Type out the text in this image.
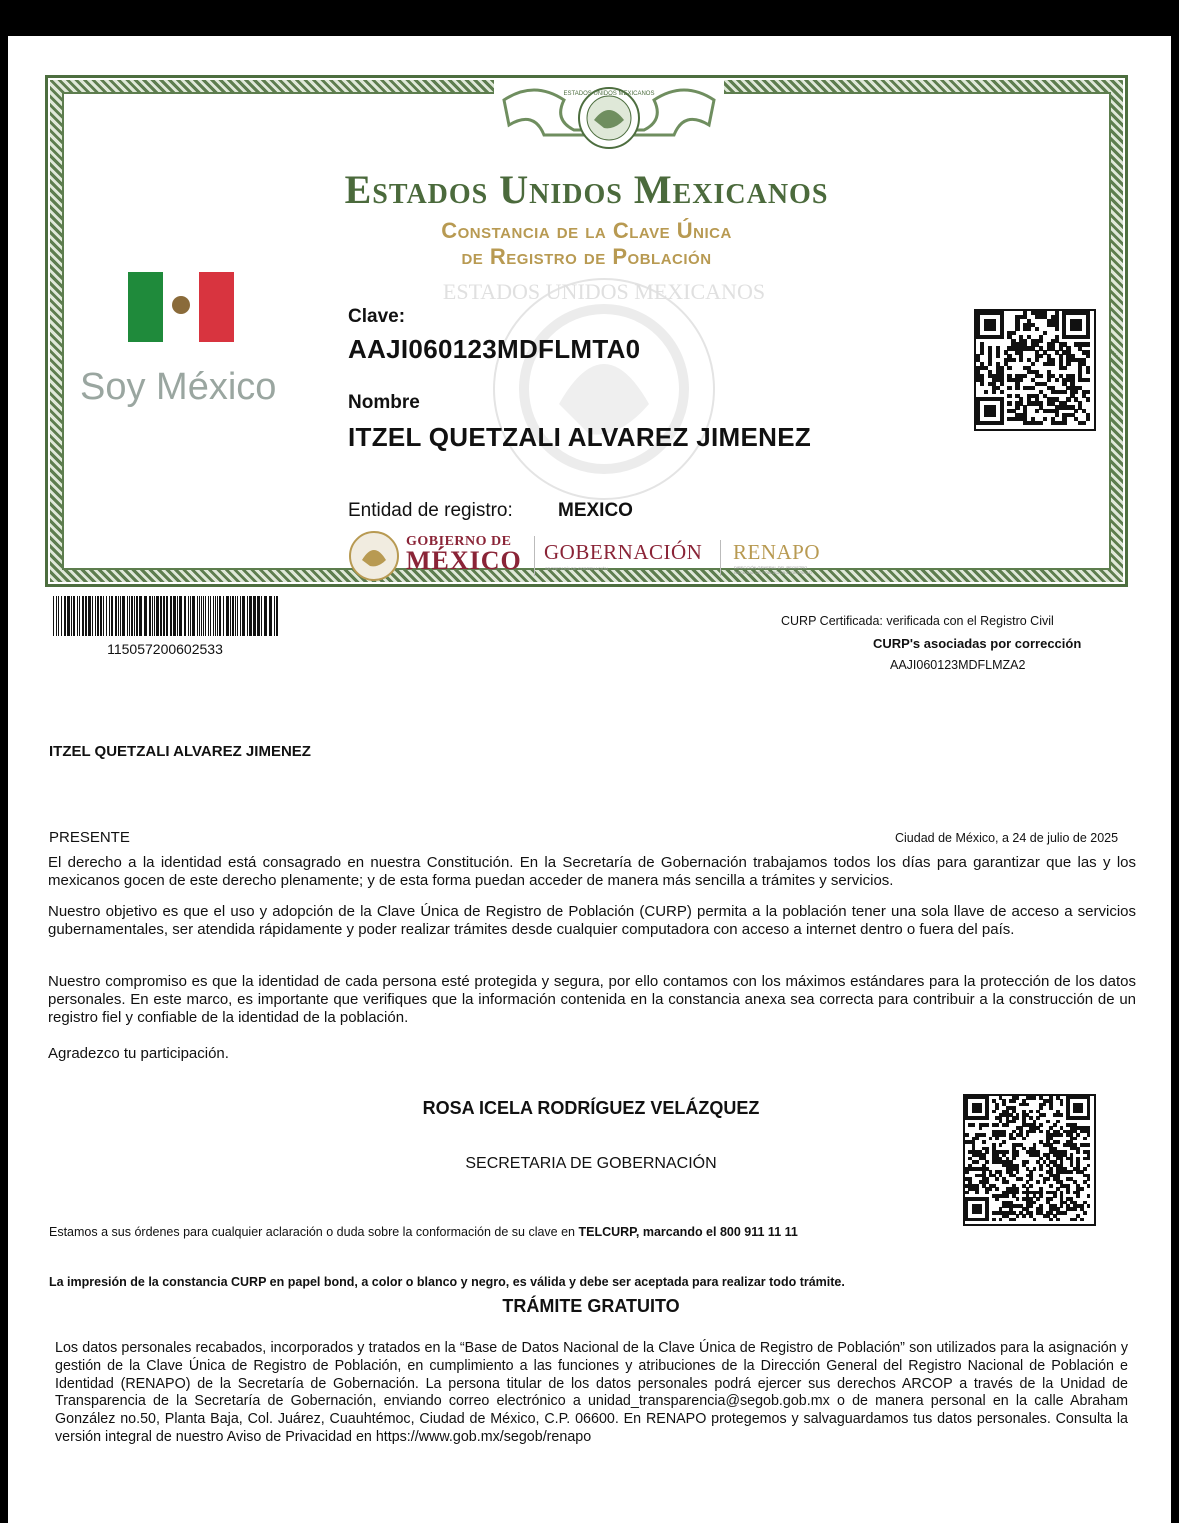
ESTADOS UNIDOS MEXICANOS
Estados Unidos Mexicanos
Constancia de la Clave Única
de Registro de Población
ESTADOS UNIDOS MEXICANOS
Soy México
Clave:
AAJI060123MDFLMTA0
Nombre
ITZEL QUETZALI ALVAREZ JIMENEZ
Entidad de registro: MEXICO
GOBIERNO DE
MÉXICO GOBERNACIÓN
SECRETARÍA DE GOBERNACIÓN
RENAPO
DIRECCIÓN GENERAL DEL REGISTRO NACIONAL DE POBLACIÓN E IDENTIDAD
115057200602533
CURP Certificada: verificada con el Registro Civil
CURP's asociadas por corrección
AAJI060123MDFLMZA2
ITZEL QUETZALI ALVAREZ JIMENEZ
PRESENTE	Ciudad de México, a 24 de julio de 2025
El derecho a la identidad está consagrado en nuestra Constitución. En la Secretaría de Gobernación trabajamos todos los días para garantizar que las y los mexicanos gocen de este derecho plenamente; y de esta forma puedan acceder de manera más sencilla a trámites y servicios.
Nuestro objetivo es que el uso y adopción de la Clave Única de Registro de Población (CURP) permita a la población tener una sola llave de acceso a servicios gubernamentales, ser atendida rápidamente y poder realizar trámites desde cualquier computadora con acceso a internet dentro o fuera del país.
Nuestro compromiso es que la identidad de cada persona esté protegida y segura, por ello contamos con los máximos estándares para la protección de los datos personales. En este marco, es importante que verifiques que la información contenida en la constancia anexa sea correcta para contribuir a la construcción de un registro fiel y confiable de la identidad de la población.
Agradezco tu participación.
ROSA ICELA RODRÍGUEZ VELÁZQUEZ
SECRETARIA DE GOBERNACIÓN
Estamos a sus órdenes para cualquier aclaración o duda sobre la conformación de su clave en TELCURP, marcando el 800 911 11 11
La impresión de la constancia CURP en papel bond, a color o blanco y negro, es válida y debe ser aceptada para realizar todo trámite.
TRÁMITE GRATUITO
Los datos personales recabados, incorporados y tratados en la “Base de Datos Nacional de la Clave Única de Registro de Población” son utilizados para la asignación y gestión de la Clave Única de Registro de Población, en cumplimiento a las funciones y atribuciones de la Dirección General del Registro Nacional de Población e Identidad (RENAPO) de la Secretaría de Gobernación. La persona titular de los datos personales podrá ejercer sus derechos ARCOP a través de la Unidad de Transparencia de la Secretaría de Gobernación, enviando correo electrónico a unidad_transparencia@segob.gob.mx o de manera personal en la calle Abraham González no.50, Planta Baja, Col. Juárez, Cuauhtémoc, Ciudad de México, C.P. 06600. En RENAPO protegemos y salvaguardamos tus datos personales. Consulta la versión integral de nuestro Aviso de Privacidad en https://www.gob.mx/segob/renapo
